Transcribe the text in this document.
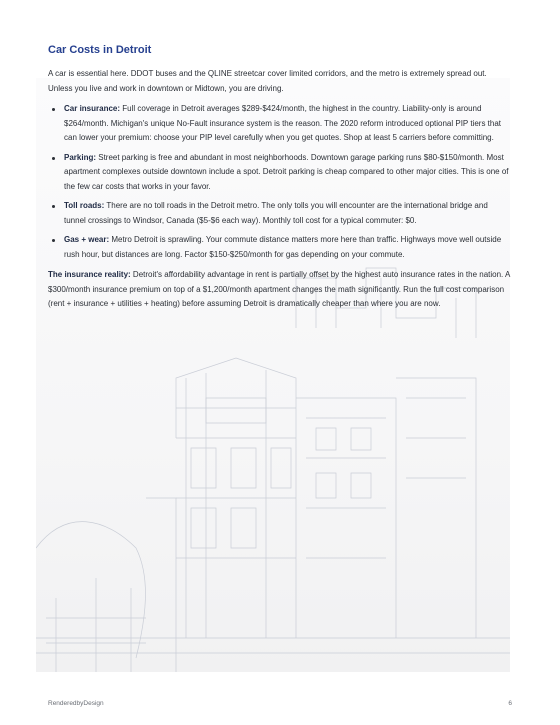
Car Costs in Detroit

A car is essential here. DDOT buses and the QLINE streetcar cover limited corridors, and the metro is extremely spread out. Unless you live and work in downtown or Midtown, you are driving.

Car insurance: Full coverage in Detroit averages $289-$424/month, the highest in the country. Liability-only is around $264/month. Michigan's unique No-Fault insurance system is the reason. The 2020 reform introduced optional PIP tiers that can lower your premium: choose your PIP level carefully when you get quotes. Shop at least 5 carriers before committing.
Parking: Street parking is free and abundant in most neighborhoods. Downtown garage parking runs $80-$150/month. Most apartment complexes outside downtown include a spot. Detroit parking is cheap compared to other major cities. This is one of the few car costs that works in your favor.
Toll roads: There are no toll roads in the Detroit metro. The only tolls you will encounter are the international bridge and tunnel crossings to Windsor, Canada ($5-$6 each way). Monthly toll cost for a typical commuter: $0.
Gas + wear: Metro Detroit is sprawling. Your commute distance matters more here than traffic. Highways move well outside rush hour, but distances are long. Factor $150-$250/month for gas depending on your commute.

The insurance reality: Detroit's affordability advantage in rent is partially offset by the highest auto insurance rates in the nation. A $300/month insurance premium on top of a $1,200/month apartment changes the math significantly. Run the full cost comparison (rent + insurance + utilities + heating) before assuming Detroit is dramatically cheaper than where you are now.

RenderedbyDesign	6
